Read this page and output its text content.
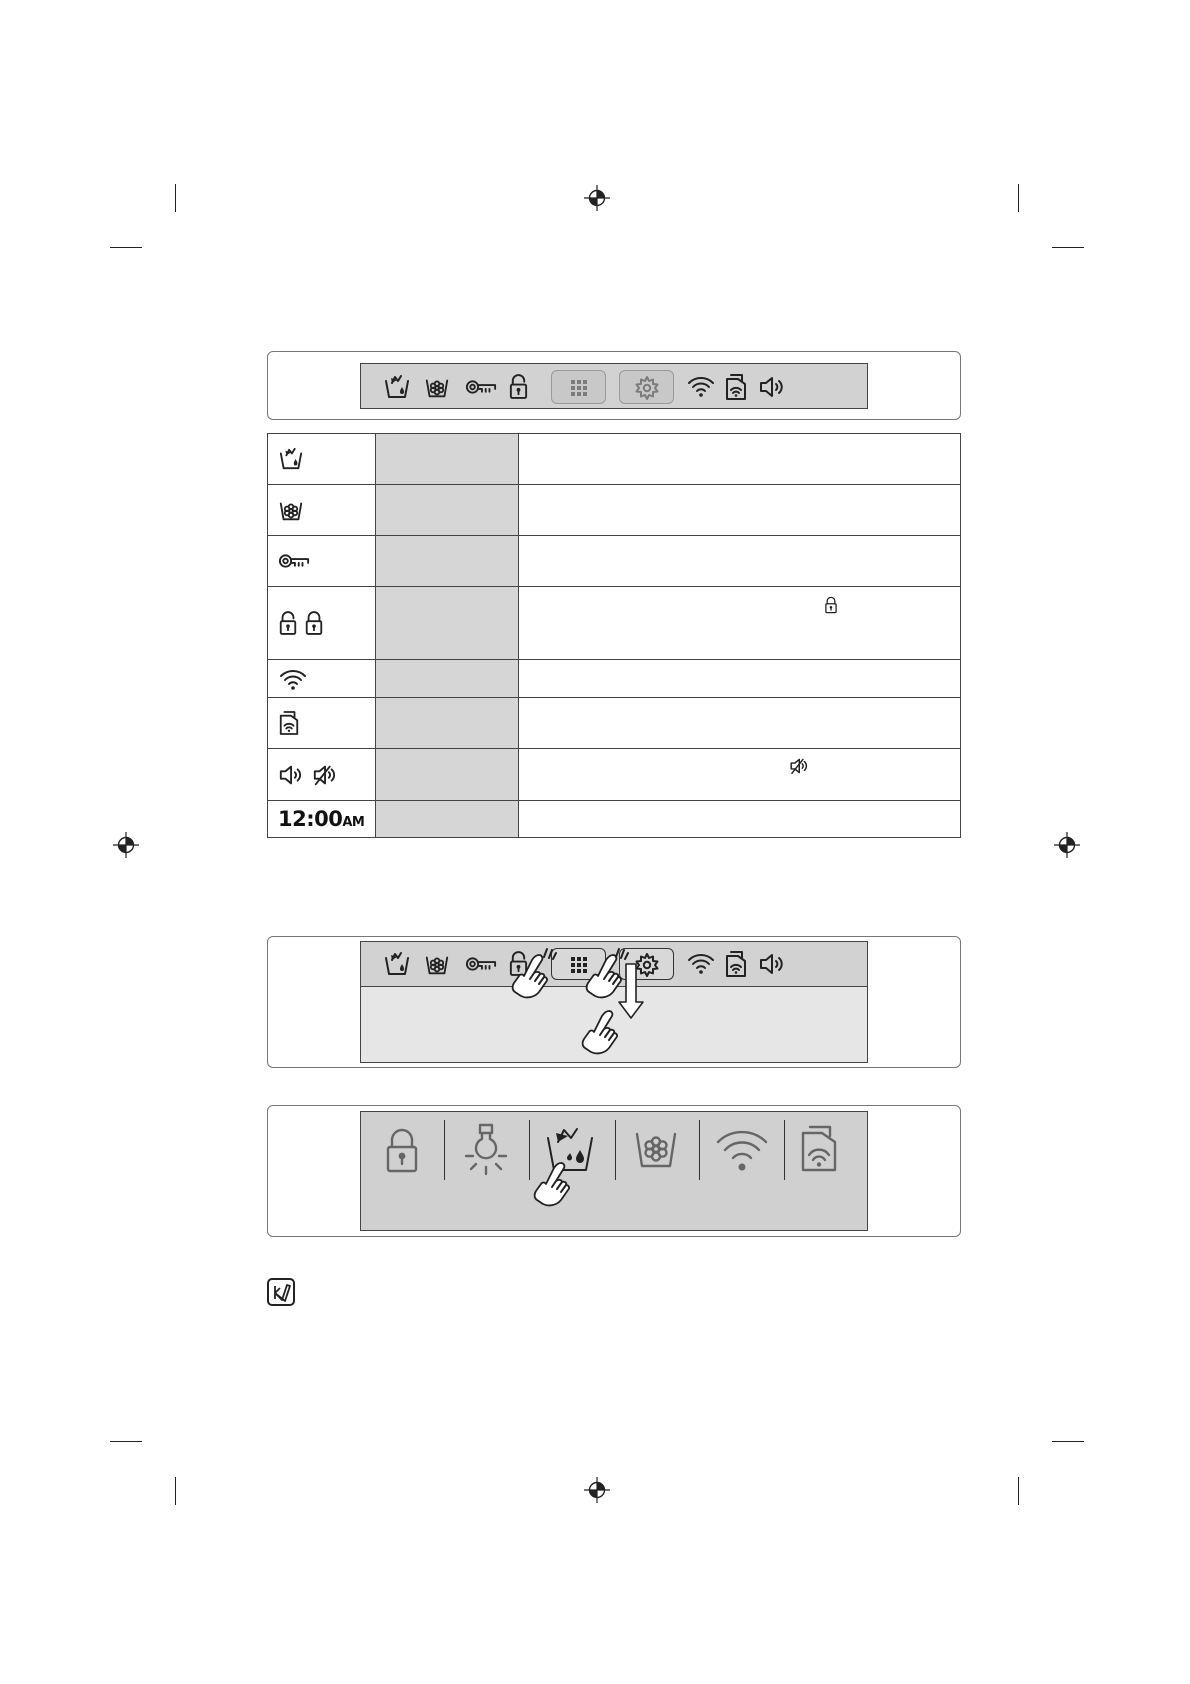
12:00AM		
